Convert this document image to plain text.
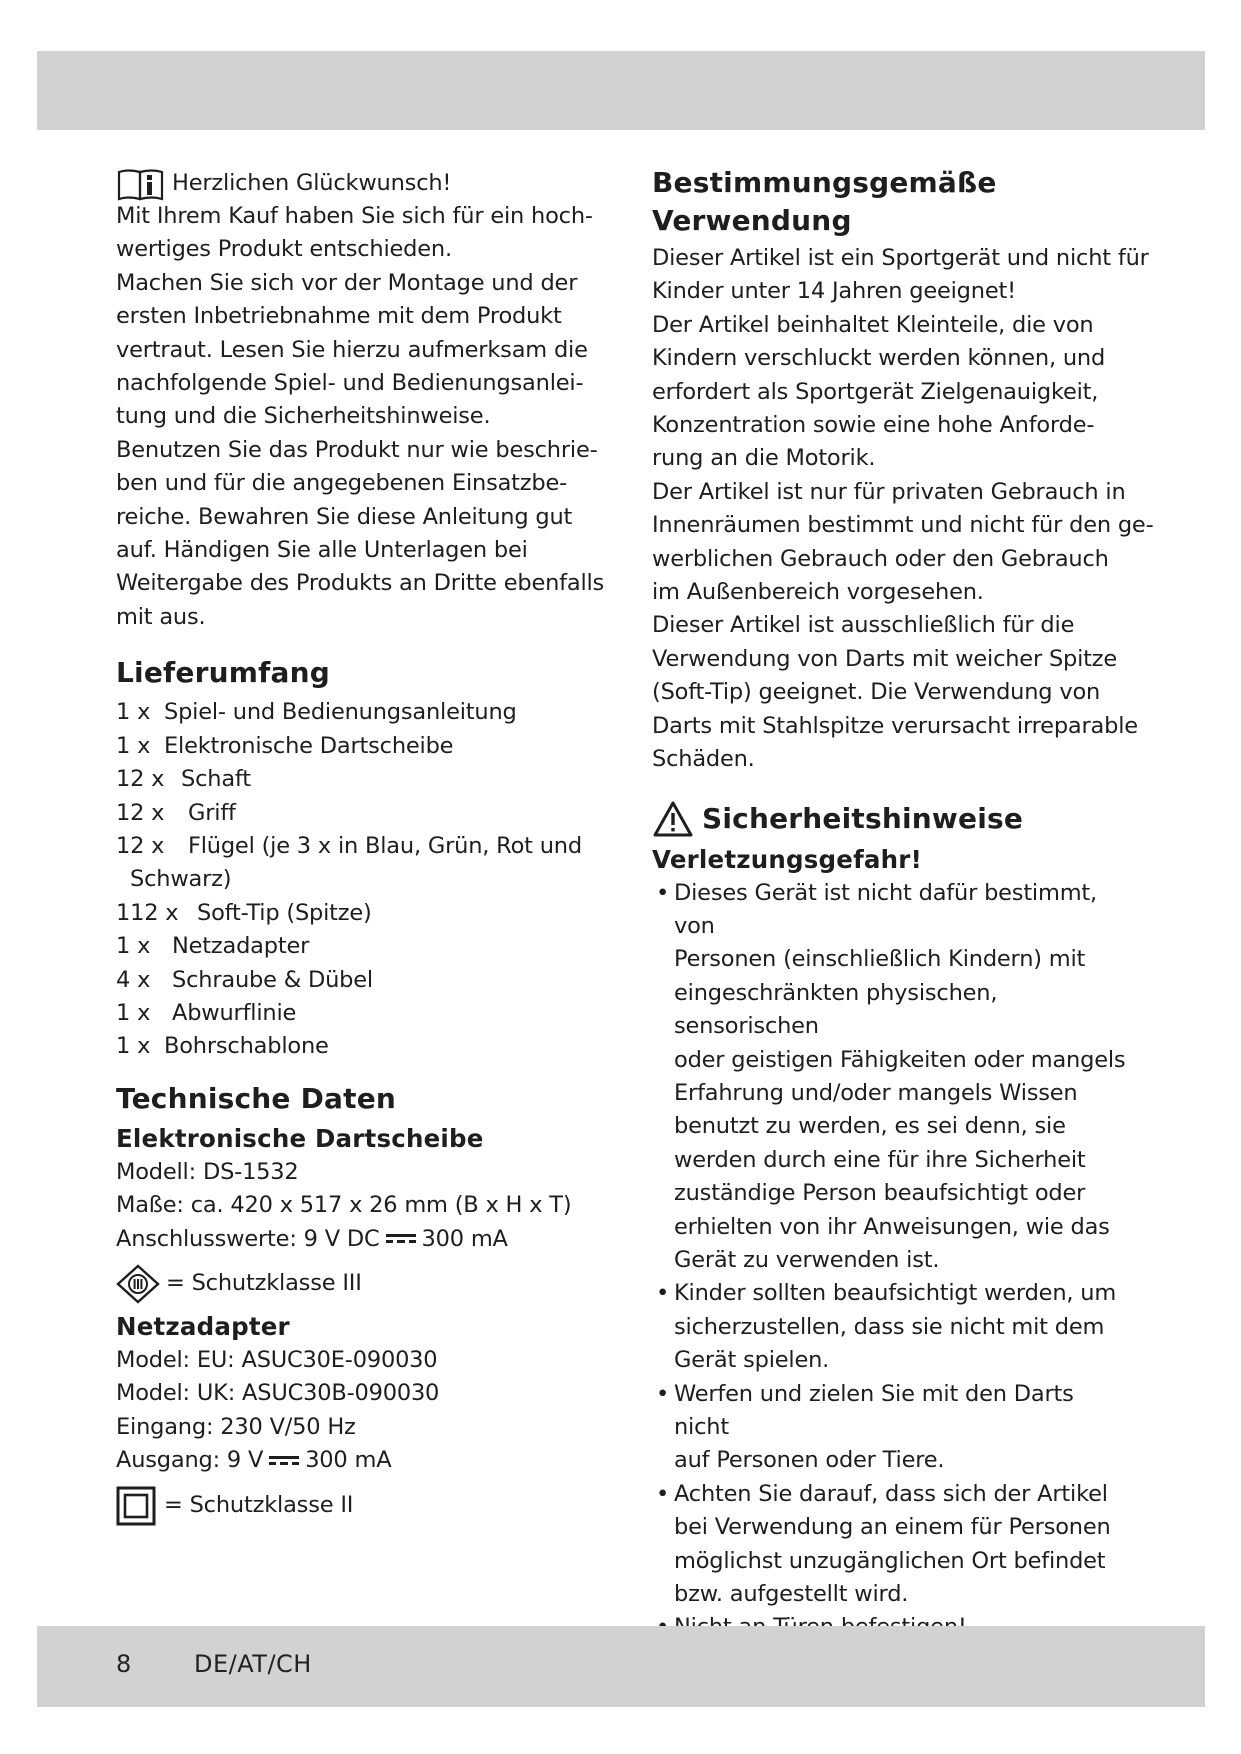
Herzlichen Glückwunsch!

Mit Ihrem Kauf haben Sie sich für ein hoch-

wertiges Produkt entschieden.

Machen Sie sich vor der Montage und der

ersten Inbetriebnahme mit dem Produkt

vertraut. Lesen Sie hierzu aufmerksam die

nachfolgende Spiel- und Bedienungsanlei-

tung und die Sicherheitshinweise.

Benutzen Sie das Produkt nur wie beschrie-

ben und für die angegebenen Einsatzbe-

reiche. Bewahren Sie diese Anleitung gut

auf. Händigen Sie alle Unterlagen bei

Weitergabe des Produkts an Dritte ebenfalls

mit aus.

Lieferumfang
1 x Spiel- und Bedienungsanleitung
1 x Elektronische Dartscheibe
12 x Schaft
12 x	Griff
12 x	Flügel (je 3 x in Blau, Grün, Rot und
Schwarz)
112 x Soft-Tip (Spitze)
1 x Netzadapter
4 x Schraube & Dübel
1 x Abwurflinie
1 x Bohrschablone
Technische Daten
Elektronische Dartscheibe

Modell: DS-1532

Maße: ca. 420 x 517 x 26 mm (B x H x T)

Anschlusswerte: 9 V DC 300 mA
= Schutzklasse III
Netzadapter

Model: EU: ASUC30E-090030

Model: UK: ASUC30B-090030

Eingang: 230 V/50 Hz

Ausgang: 9 V 300 mA
= Schutzklasse II
Bestimmungsgemäße
Verwendung

Dieser Artikel ist ein Sportgerät und nicht für

Kinder unter 14 Jahren geeignet!

Der Artikel beinhaltet Kleinteile, die von

Kindern verschluckt werden können, und

erfordert als Sportgerät Zielgenauigkeit,

Konzentration sowie eine hohe Anforde-

rung an die Motorik.

Der Artikel ist nur für privaten Gebrauch in

Innenräumen bestimmt und nicht für den ge-

werblichen Gebrauch oder den Gebrauch

im Außenbereich vorgesehen.

Dieser Artikel ist ausschließlich für die

Verwendung von Darts mit weicher Spitze

(Soft-Tip) geeignet. Die Verwendung von

Darts mit Stahlspitze verursacht irreparable

Schäden.

Sicherheitshinweise
Verletzungsgefahr!
• Dieses Gerät ist nicht dafür bestimmt, von
Personen (einschließlich Kindern) mit
eingeschränkten physischen, sensorischen
oder geistigen Fähigkeiten oder mangels
Erfahrung und/oder mangels Wissen
benutzt zu werden, es sei denn, sie
werden durch eine für ihre Sicherheit
zuständige Person beaufsichtigt oder
erhielten von ihr Anweisungen, wie das
Gerät zu verwenden ist.
• Kinder sollten beaufsichtigt werden, um
sicherzustellen, dass sie nicht mit dem
Gerät spielen.
• Werfen und zielen Sie mit den Darts nicht
auf Personen oder Tiere.
• Achten Sie darauf, dass sich der Artikel
bei Verwendung an einem für Personen
möglichst unzugänglichen Ort befindet
bzw. aufgestellt wird.
8	DE/AT/CH
